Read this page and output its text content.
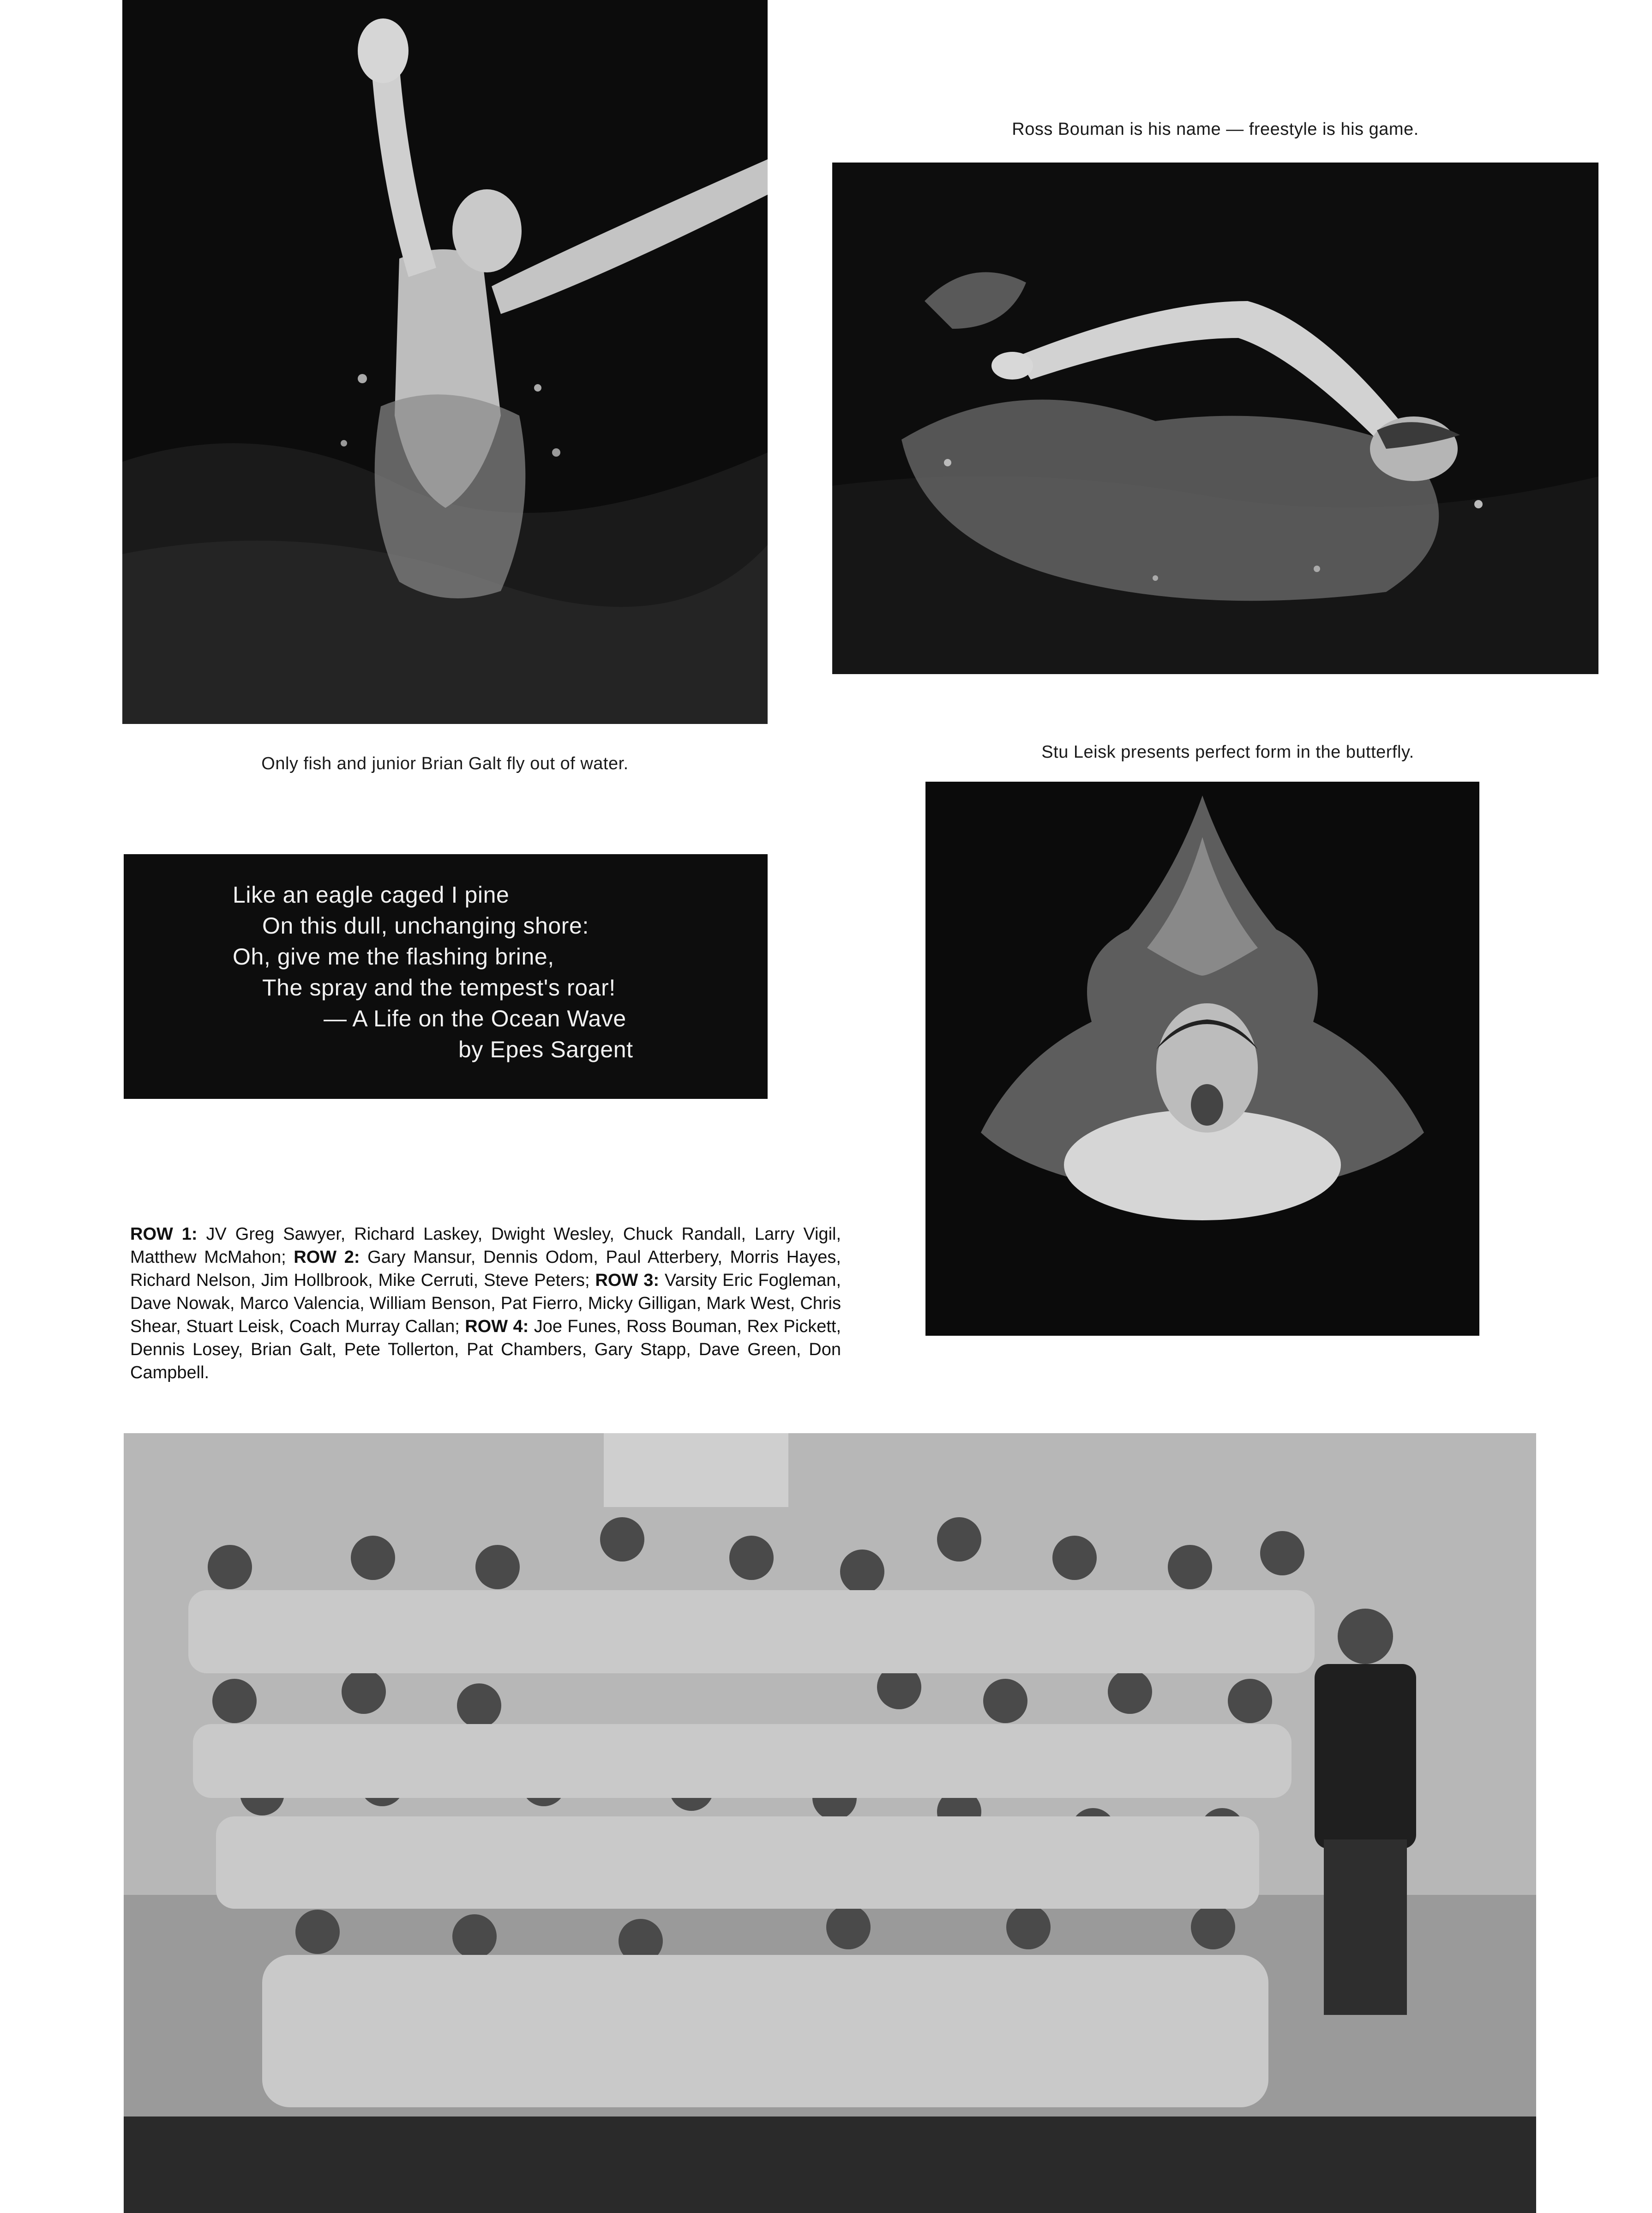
Only fish and junior Brian Galt fly out of water.
Ross Bouman is his name — freestyle is his game.
Stu Leisk presents perfect form in the butterfly.
Like an eagle caged I pine
On this dull, unchanging shore:
Oh, give me the flashing brine,
The spray and the tempest's roar!
— A Life on the Ocean Wave
by Epes Sargent
ROW 1: JV Greg Sawyer, Richard Laskey, Dwight Wesley, Chuck Randall, Larry Vigil, Matthew McMahon; ROW 2: Gary Mansur, Dennis Odom, Paul Atterbery, Morris Hayes, Richard Nelson, Jim Hollbrook, Mike Cerruti, Steve Peters; ROW 3: Varsity Eric Fogleman, Dave Nowak, Marco Valencia, William Benson, Pat Fierro, Micky Gilligan, Mark West, Chris Shear, Stuart Leisk, Coach Murray Callan; ROW 4: Joe Funes, Ross Bouman, Rex Pickett, Dennis Losey, Brian Galt, Pete Tollerton, Pat Chambers, Gary Stapp, Dave Green, Don Campbell.
